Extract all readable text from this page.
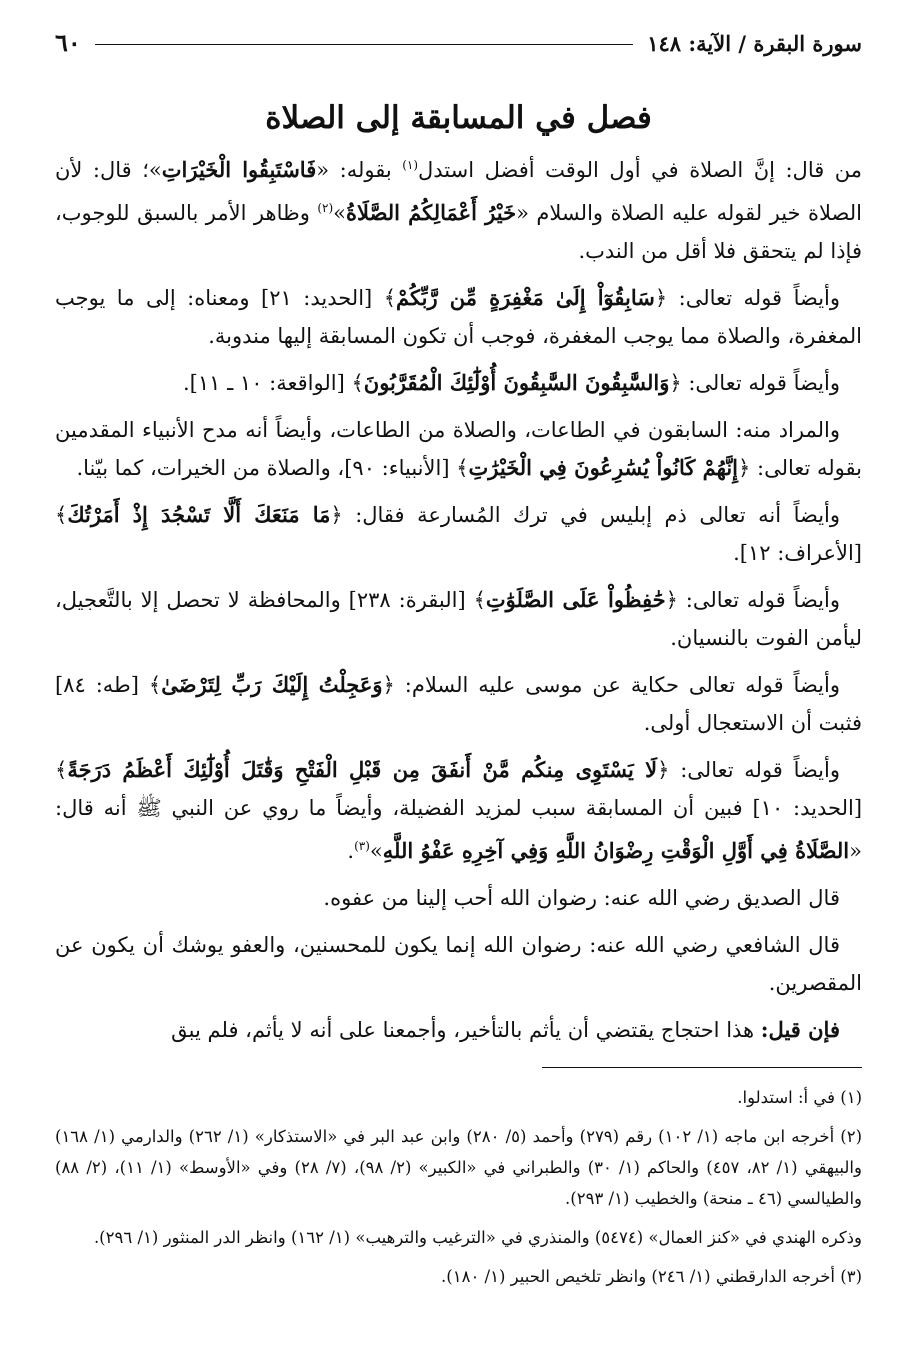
سورة البقرة / الآية: ١٤٨
٦٠
فصل في المسابقة إلى الصلاة

من قال: إنَّ الصلاة في أول الوقت أفضل استدل$^{(١)}$ بقوله: «فَاسْتَبِقُوا الْخَيْرَاتِ»؛ قال: لأن الصلاة خير لقوله عليه الصلاة والسلام «خَيْرُ أَعْمَالِكُمُ الصَّلَاةُ»$^{(٢)}$ وظاهر الأمر بالسبق للوجوب، فإذا لم يتحقق فلا أقل من الندب.

وأيضاً قوله تعالى: ﴿سَابِقُوٓاْ إِلَىٰ مَغْفِرَةٍ مِّن رَّبِّكُمْ﴾ [الحديد: ٢١] ومعناه: إلى ما يوجب المغفرة، والصلاة مما يوجب المغفرة، فوجب أن تكون المسابقة إليها مندوبة.

وأيضاً قوله تعالى: ﴿وَالسَّٰبِقُونَ السَّٰبِقُونَ أُوْلَٰٓئِكَ الْمُقَرَّبُونَ﴾ [الواقعة: ١٠ ـ ١١].

والمراد منه: السابقون في الطاعات، والصلاة من الطاعات، وأيضاً أنه مدح الأنبياء المقدمين بقوله تعالى: ﴿إِنَّهُمْ كَانُواْ يُسَٰرِعُونَ فِي الْخَيْرَٰتِ﴾ [الأنبياء: ٩٠]، والصلاة من الخيرات، كما بيّنا.

وأيضاً أنه تعالى ذم إبليس في ترك المُسارعة فقال: ﴿مَا مَنَعَكَ أَلَّا تَسْجُدَ إِذْ أَمَرْتُكَ﴾ [الأعراف: ١٢].

وأيضاً قوله تعالى: ﴿حَٰفِظُواْ عَلَى الصَّلَوَٰتِ﴾ [البقرة: ٢٣٨] والمحافظة لا تحصل إلا بالتَّعجيل، ليأمن الفوت بالنسيان.

وأيضاً قوله تعالى حكاية عن موسى عليه السلام: ﴿وَعَجِلْتُ إِلَيْكَ رَبِّ لِتَرْضَىٰ﴾ [طه: ٨٤] فثبت أن الاستعجال أولى.

وأيضاً قوله تعالى: ﴿لَا يَسْتَوِى مِنكُم مَّنْ أَنفَقَ مِن قَبْلِ الْفَتْحِ وَقَٰتَلَ أُوْلَٰٓئِكَ أَعْظَمُ دَرَجَةً﴾ [الحديد: ١٠] فبين أن المسابقة سبب لمزيد الفضيلة، وأيضاً ما روي عن النبي ﷺ أنه قال: «الصَّلَاةُ فِي أَوَّلِ الْوَقْتِ رِضْوَانُ اللَّهِ وَفِي آخِرِهِ عَفْوُ اللَّهِ»$^{(٣)}$.

قال الصديق رضي الله عنه: رضوان الله أحب إلينا من عفوه.

قال الشافعي رضي الله عنه: رضوان الله إنما يكون للمحسنين، والعفو يوشك أن يكون عن المقصرين.

فإن قيل: هذا احتجاج يقتضي أن يأثم بالتأخير، وأجمعنا على أنه لا يأثم، فلم يبق

(١) في أ: استدلوا.

(٢) أخرجه ابن ماجه (١/ ١٠٢) رقم (٢٧٩) وأحمد (٥/ ٢٨٠) وابن عبد البر في «الاستذكار» (١/ ٢٦٢) والدارمي (١/ ١٦٨) والبيهقي (١/ ٨٢، ٤٥٧) والحاكم (١/ ٣٠) والطبراني في «الكبير» (٢/ ٩٨)، (٧/ ٢٨) وفي «الأوسط» (١/ ١١)، (٢/ ٨٨) والطيالسي (٤٦ ـ منحة) والخطيب (١/ ٢٩٣).

وذكره الهندي في «كنز العمال» (٥٤٧٤) والمنذري في «الترغيب والترهيب» (١/ ١٦٢) وانظر الدر المنثور (١/ ٢٩٦).

(٣) أخرجه الدارقطني (١/ ٢٤٦) وانظر تلخيص الحبير (١/ ١٨٠).
